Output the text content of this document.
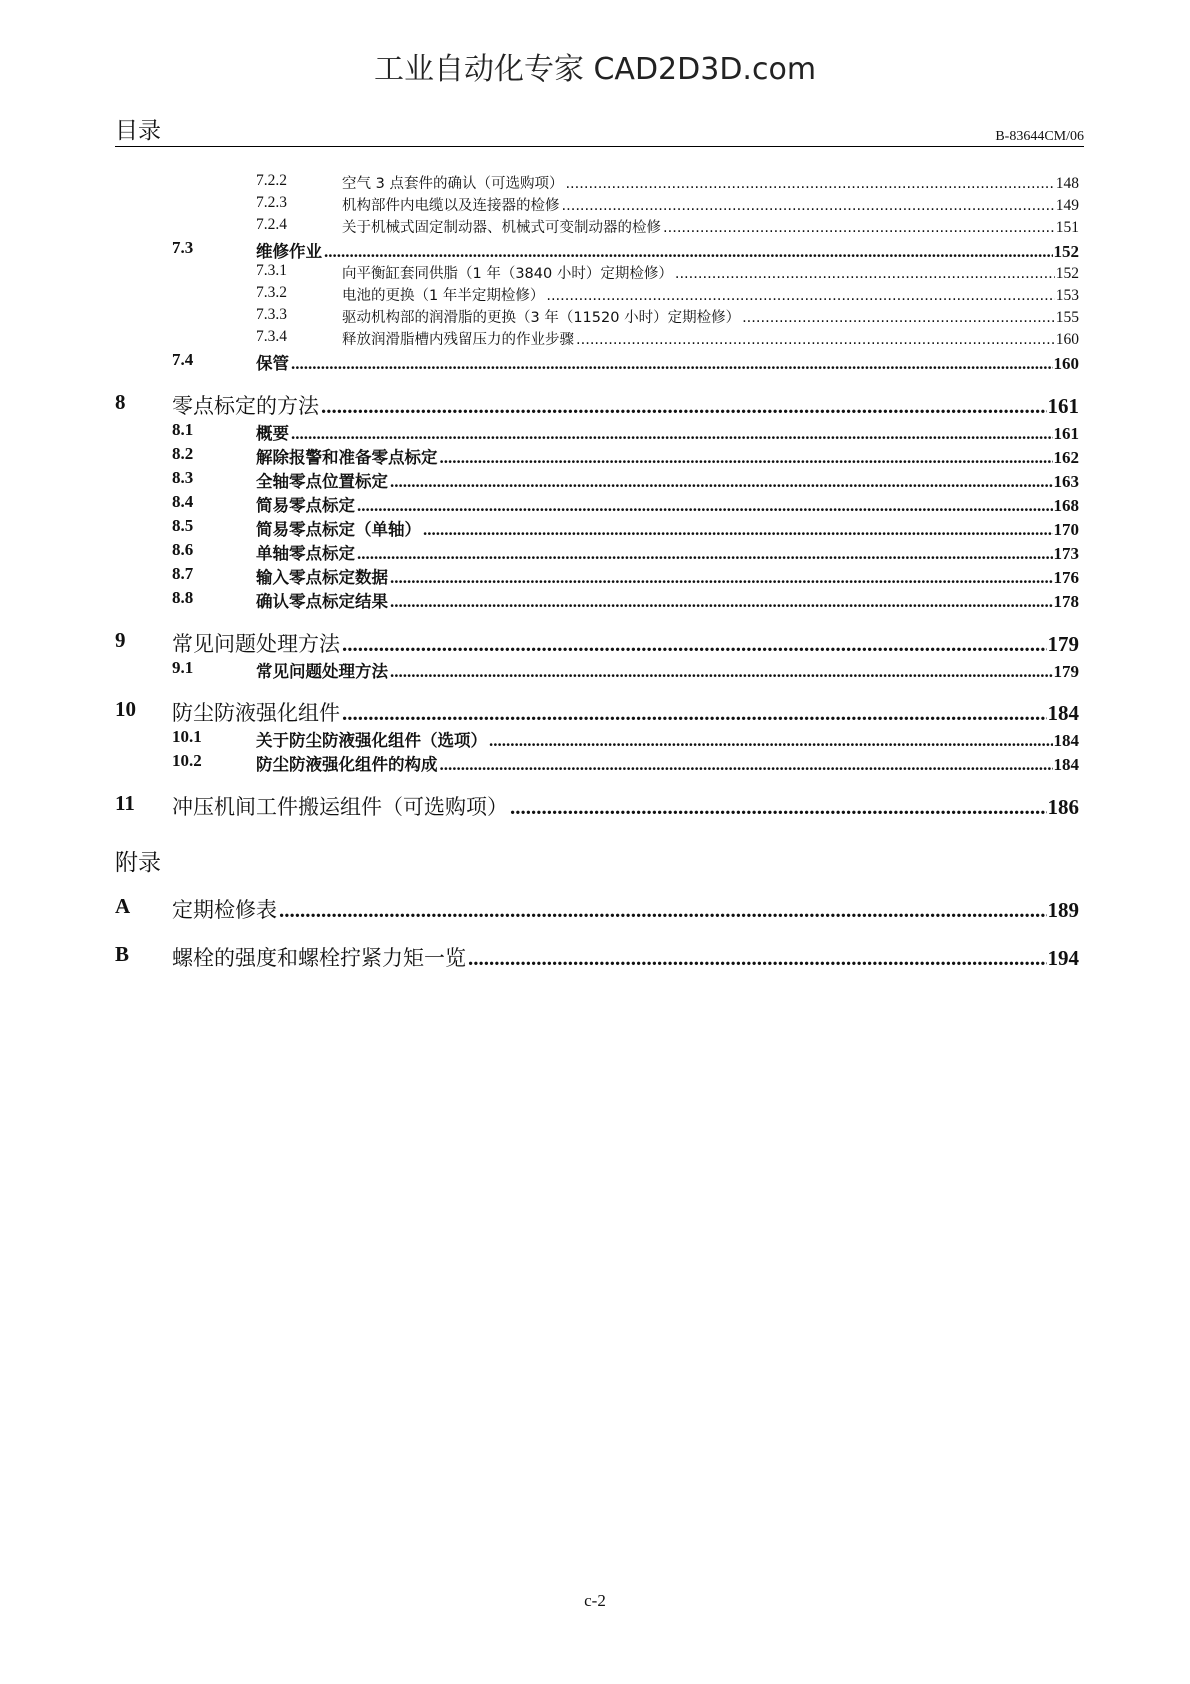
工业自动化专家 CAD2D3D.com
目录	B-83644CM/06
7.2.2	空气 3 点套件的确认（可选购项） .....	148
7.2.3	机构部件内电缆以及连接器的检修 .....	149
7.2.4	关于机械式固定制动器、机械式可变制动器的检修 .....	151
7.3	维修作业 .....	152
7.3.1	向平衡缸套同供脂（1 年（3840 小时）定期检修） .....	152
7.3.2	电池的更换（1 年半定期检修） .....	153
7.3.3	驱动机构部的润滑脂的更换（3 年（11520 小时）定期检修） .....	155
7.3.4	释放润滑脂槽内残留压力的作业步骤 .....	160
7.4	保管 .....	160
8 零点标定的方法 .....	161
8.1	概要 .....	161
8.2	解除报警和准备零点标定 .....	162
8.3	全轴零点位置标定 .....	163
8.4	简易零点标定 .....	168
8.5	简易零点标定（单轴） .....	170
8.6	单轴零点标定 .....	173
8.7	输入零点标定数据 .....	176
8.8	确认零点标定结果 .....	178
9 常见问题处理方法 .....	179
9.1	常见问题处理方法 .....	179
10 防尘防液强化组件 .....	184
10.1	关于防尘防液强化组件（选项） .....	184
10.2	防尘防液强化组件的构成 .....	184
11 冲压机间工件搬运组件（可选购项） .....	186
附录
A 定期检修表 .....	189
B 螺栓的强度和螺栓拧紧力矩一览 .....	194
c-2
